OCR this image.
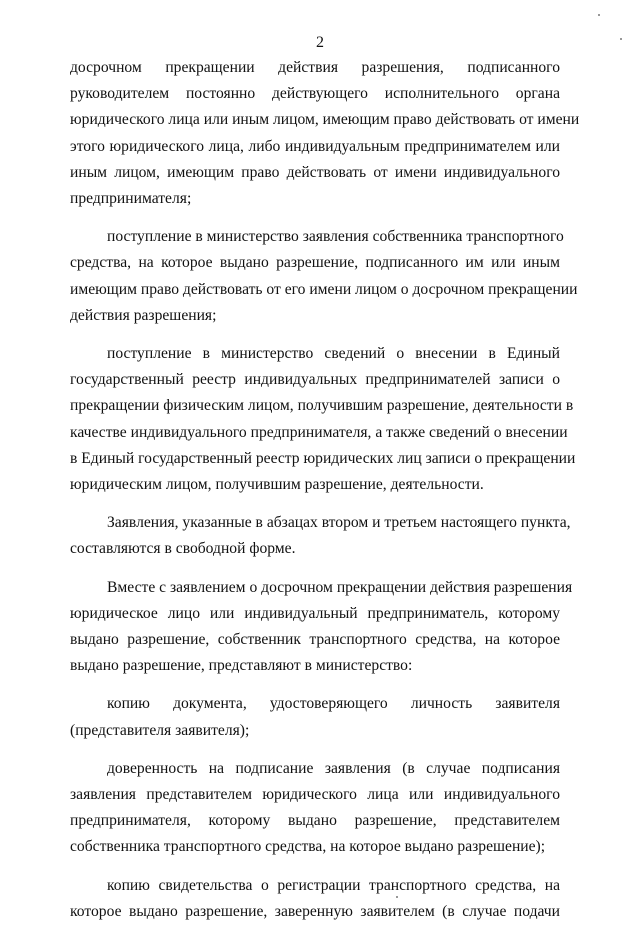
2

досрочном прекращении действия разрешения, подписанного
руководителем постоянно действующего исполнительного органа
юридического лица или иным лицом, имеющим право действовать от имени
этого юридического лица, либо индивидуальным предпринимателем или
иным лицом, имеющим право действовать от имени индивидуального
предпринимателя;

поступление в министерство заявления собственника транспортного
средства, на которое выдано разрешение, подписанного им или иным
имеющим право действовать от его имени лицом о досрочном прекращении
действия разрешения;

поступление в министерство сведений о внесении в Единый
государственный реестр индивидуальных предпринимателей записи о
прекращении физическим лицом, получившим разрешение, деятельности в
качестве индивидуального предпринимателя, а также сведений о внесении
в Единый государственный реестр юридических лиц записи о прекращении
юридическим лицом, получившим разрешение, деятельности.

Заявления, указанные в абзацах втором и третьем настоящего пункта,
составляются в свободной форме.

Вместе с заявлением о досрочном прекращении действия разрешения
юридическое лицо или индивидуальный предприниматель, которому
выдано разрешение, собственник транспортного средства, на которое
выдано разрешение, представляют в министерство:

копию документа, удостоверяющего личность заявителя
(представителя заявителя);

доверенность на подписание заявления (в случае подписания
заявления представителем юридического лица или индивидуального
предпринимателя, которому выдано разрешение, представителем
собственника транспортного средства, на которое выдано разрешение);

копию свидетельства о регистрации транспортного средства, на
которое выдано разрешение, заверенную заявителем (в случае подачи
